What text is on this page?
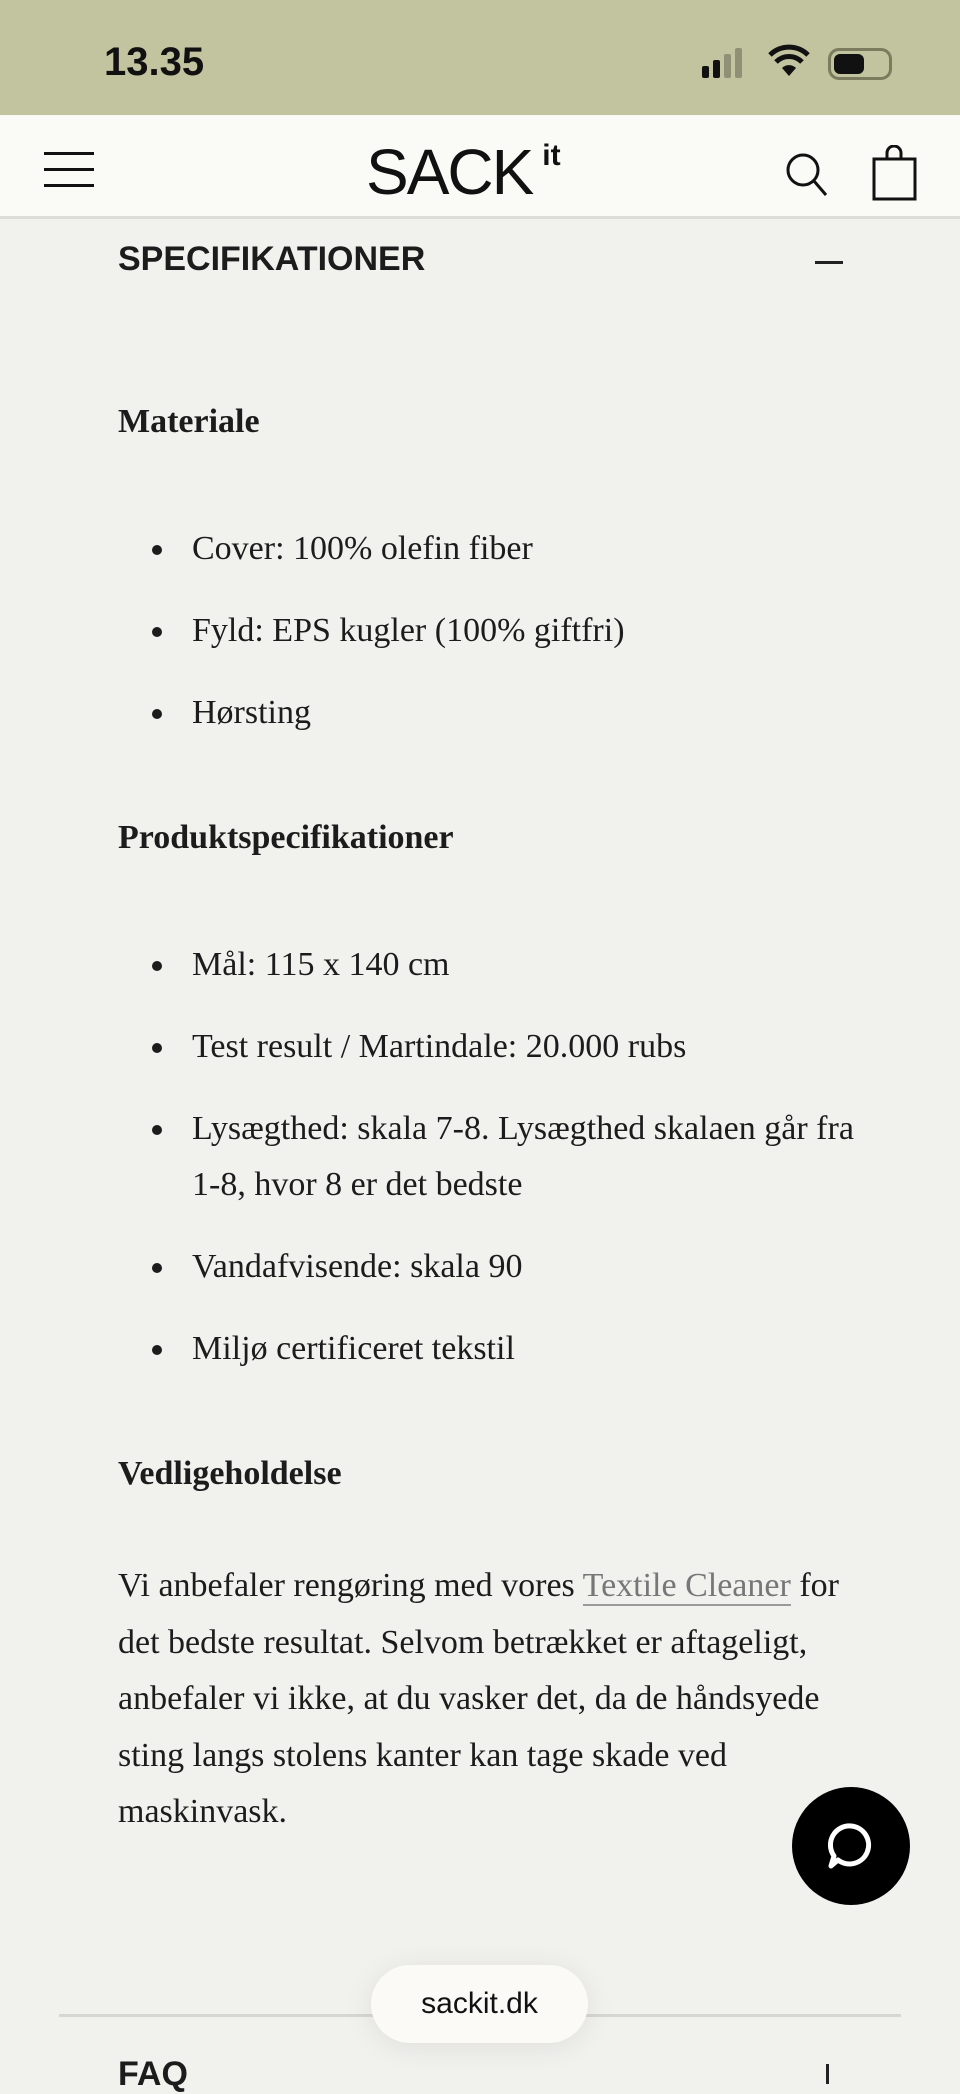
13.35
SACK $^{it}$
SPECIFIKATIONER
Materiale
Cover: 100% olefin fiber
Fyld: EPS kugler (100% giftfri)
Hørsting
Produktspecifikationer
Mål: 115 x 140 cm
Test result / Martindale: 20.000 rubs
Lysægthed: skala 7-8. Lysægthed skalaen går fra 1-8, hvor 8 er det bedste
Vandafvisende: skala 90
Miljø certificeret tekstil
Vedligeholdelse
Vi anbefaler rengøring med vores Textile Cleaner for det bedste resultat. Selvom betrækket er aftageligt, anbefaler vi ikke, at du vasker det, da de håndsyede sting langs stolens kanter kan tage skade ved maskinvask.
FAQ
sackit.dk
